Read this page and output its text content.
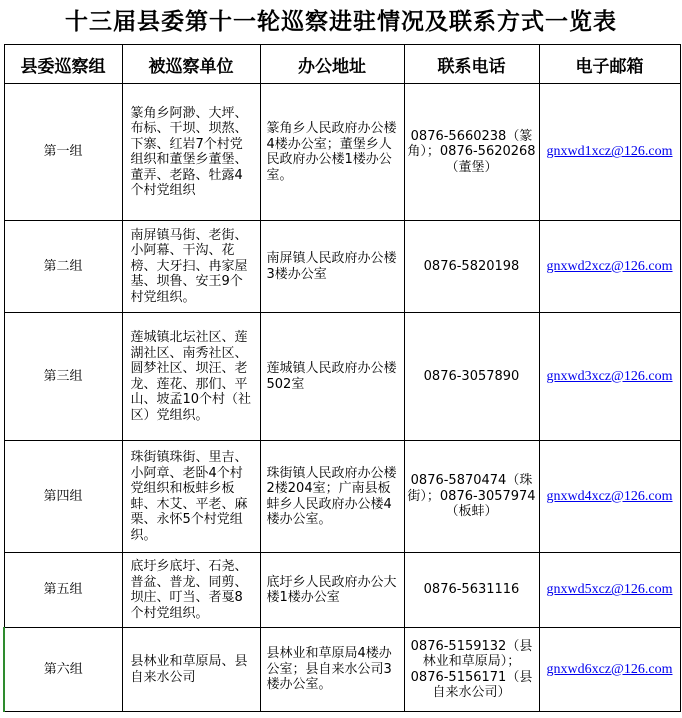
十三届县委第十一轮巡察进驻情况及联系方式一览表
县委巡察组	被巡察单位	办公地址	联系电话	电子邮箱
第一组	篆角乡阿渺、大坪、布标、干坝、坝熬、下寨、红岩7个村党组织和董堡乡董堡、董弄、老路、牡露4个村党组织	篆角乡人民政府办公楼4楼办公室；董堡乡人民政府办公楼1楼办公室。	0876-5660238（篆角）；0876-5620268（董堡）	gnxwd1xcz@126.com
第二组	南屏镇马街、老街、小阿幕、干沟、花榜、大牙扫、冉家屋基、坝鲁、安王9个村党组织。	南屏镇人民政府办公楼3楼办公室	0876-5820198	gnxwd2xcz@126.com
第三组	莲城镇北坛社区、莲湖社区、南秀社区、圆梦社区、坝汪、老龙、莲花、那们、平山、坡孟10个村（社区）党组织。	莲城镇人民政府办公楼502室	0876-3057890	gnxwd3xcz@126.com
第四组	珠街镇珠街、里吉、小阿章、老卧4个村党组织和板蚌乡板蚌、木艾、平老、麻栗、永怀5个村党组织。	珠街镇人民政府办公楼2楼204室；广南县板蚌乡人民政府办公楼4楼办公室。	0876-5870474（珠街）；0876-3057974（板蚌）	gnxwd4xcz@126.com
第五组	底圩乡底圩、石尧、普盆、普龙、同剪、坝庄、叮当、者戛8个村党组织。	底圩乡人民政府办公大楼1楼办公室	0876-5631116	gnxwd5xcz@126.com
第六组	县林业和草原局、县自来水公司	县林业和草原局4楼办公室；县自来水公司3楼办公室。	0876-5159132（县林业和草原局）；0876-5156171（县自来水公司）	gnxwd6xcz@126.com
